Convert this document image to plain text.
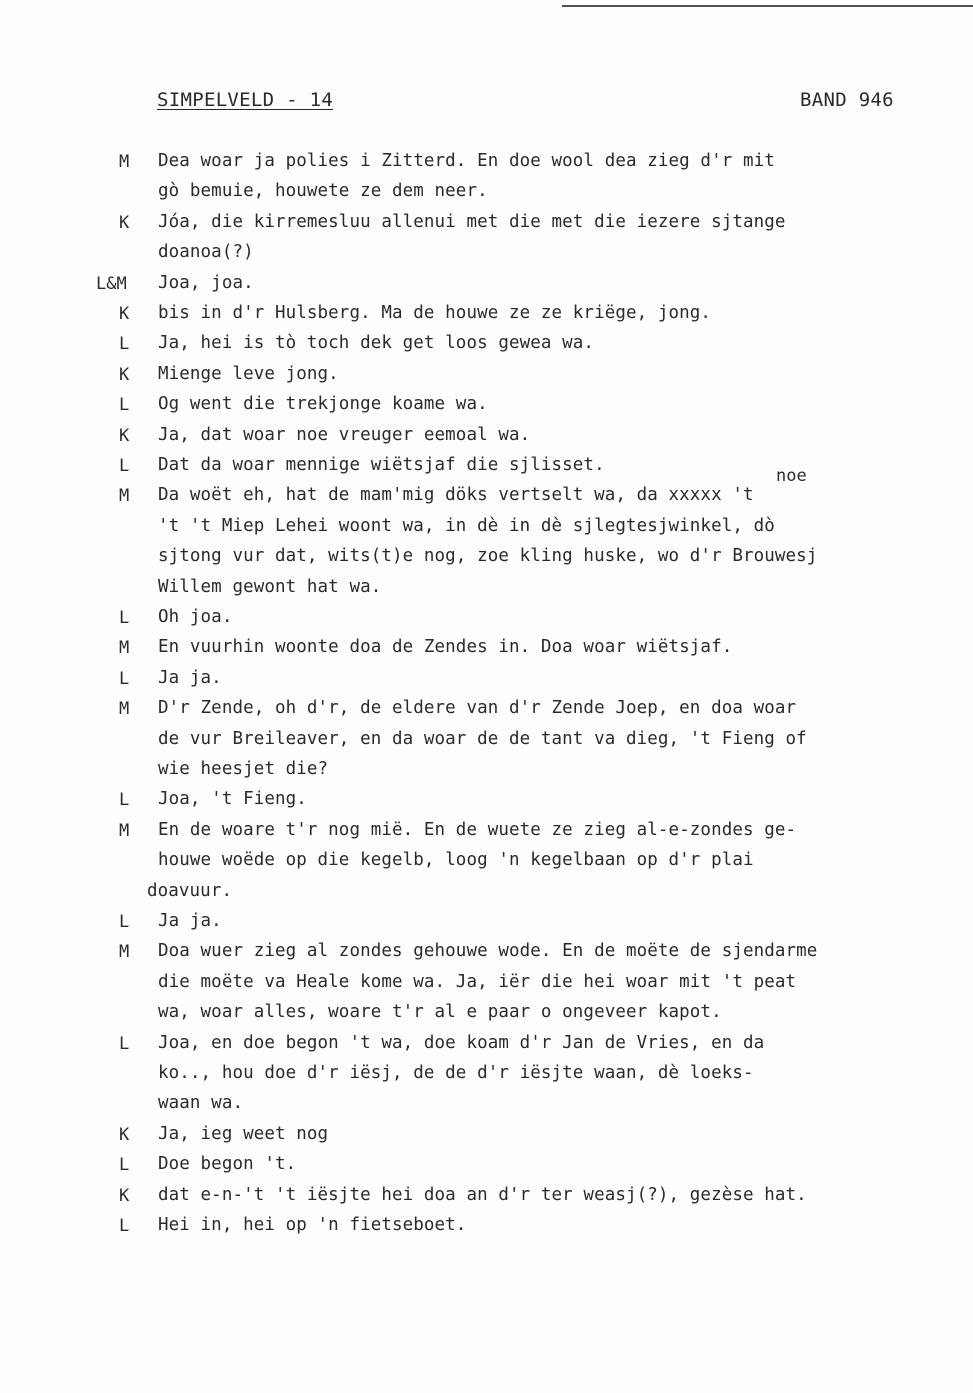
SIMPELVELD - 14	BAND 946
M Dea woar ja polies i Zitterd. En doe wool dea zieg d'r mit
gò bemuie, houwete ze dem neer.
K Jóa, die kirremesluu allenui met die met die iezere sjtange
doanoa(?)
L&M Joa, joa.
K bis in d'r Hulsberg. Ma de houwe ze ze kriëge, jong.
L Ja, hei is tò toch dek get loos gewea wa.
K Mienge leve jong.
L Og went die trekjonge koame wa.
K Ja, dat woar noe vreuger eemoal wa.
L Dat da woar mennige wiëtsjaf die sjlisset.
M Da woët eh, hat de mam'mig döks vertselt wa, da xxxxx 't
't 't Miep Lehei woont wa, in dè in dè sjlegtesjwinkel, dò
sjtong vur dat, wits(t)e nog, zoe kling huske, wo d'r Brouwesj
Willem gewont hat wa.
L Oh joa.
M En vuurhin woonte doa de Zendes in. Doa woar wiëtsjaf.
L Ja ja.
M D'r Zende, oh d'r, de eldere van d'r Zende Joep, en doa woar
de vur Breileaver, en da woar de de tant va dieg, 't Fieng of
wie heesjet die?
L Joa, 't Fieng.
M En de woare t'r nog mië. En de wuete ze zieg al-e-zondes ge-
houwe woëde op die kegelb, loog 'n kegelbaan op d'r plai
doavuur.
L Ja ja.
M Doa wuer zieg al zondes gehouwe wode. En de moëte de sjendarme
die moëte va Heale kome wa. Ja, iër die hei woar mit 't peat
wa, woar alles, woare t'r al e paar o ongeveer kapot.
L Joa, en doe begon 't wa, doe koam d'r Jan de Vries, en da
ko.., hou doe d'r iësj, de de d'r iësjte waan, dè loeks-
waan wa.
K Ja, ieg weet nog
L Doe begon 't.
K dat e-n-'t 't iësjte hei doa an d'r ter weasj(?), gezèse hat.
L Hei in, hei op 'n fietseboet.
noe
